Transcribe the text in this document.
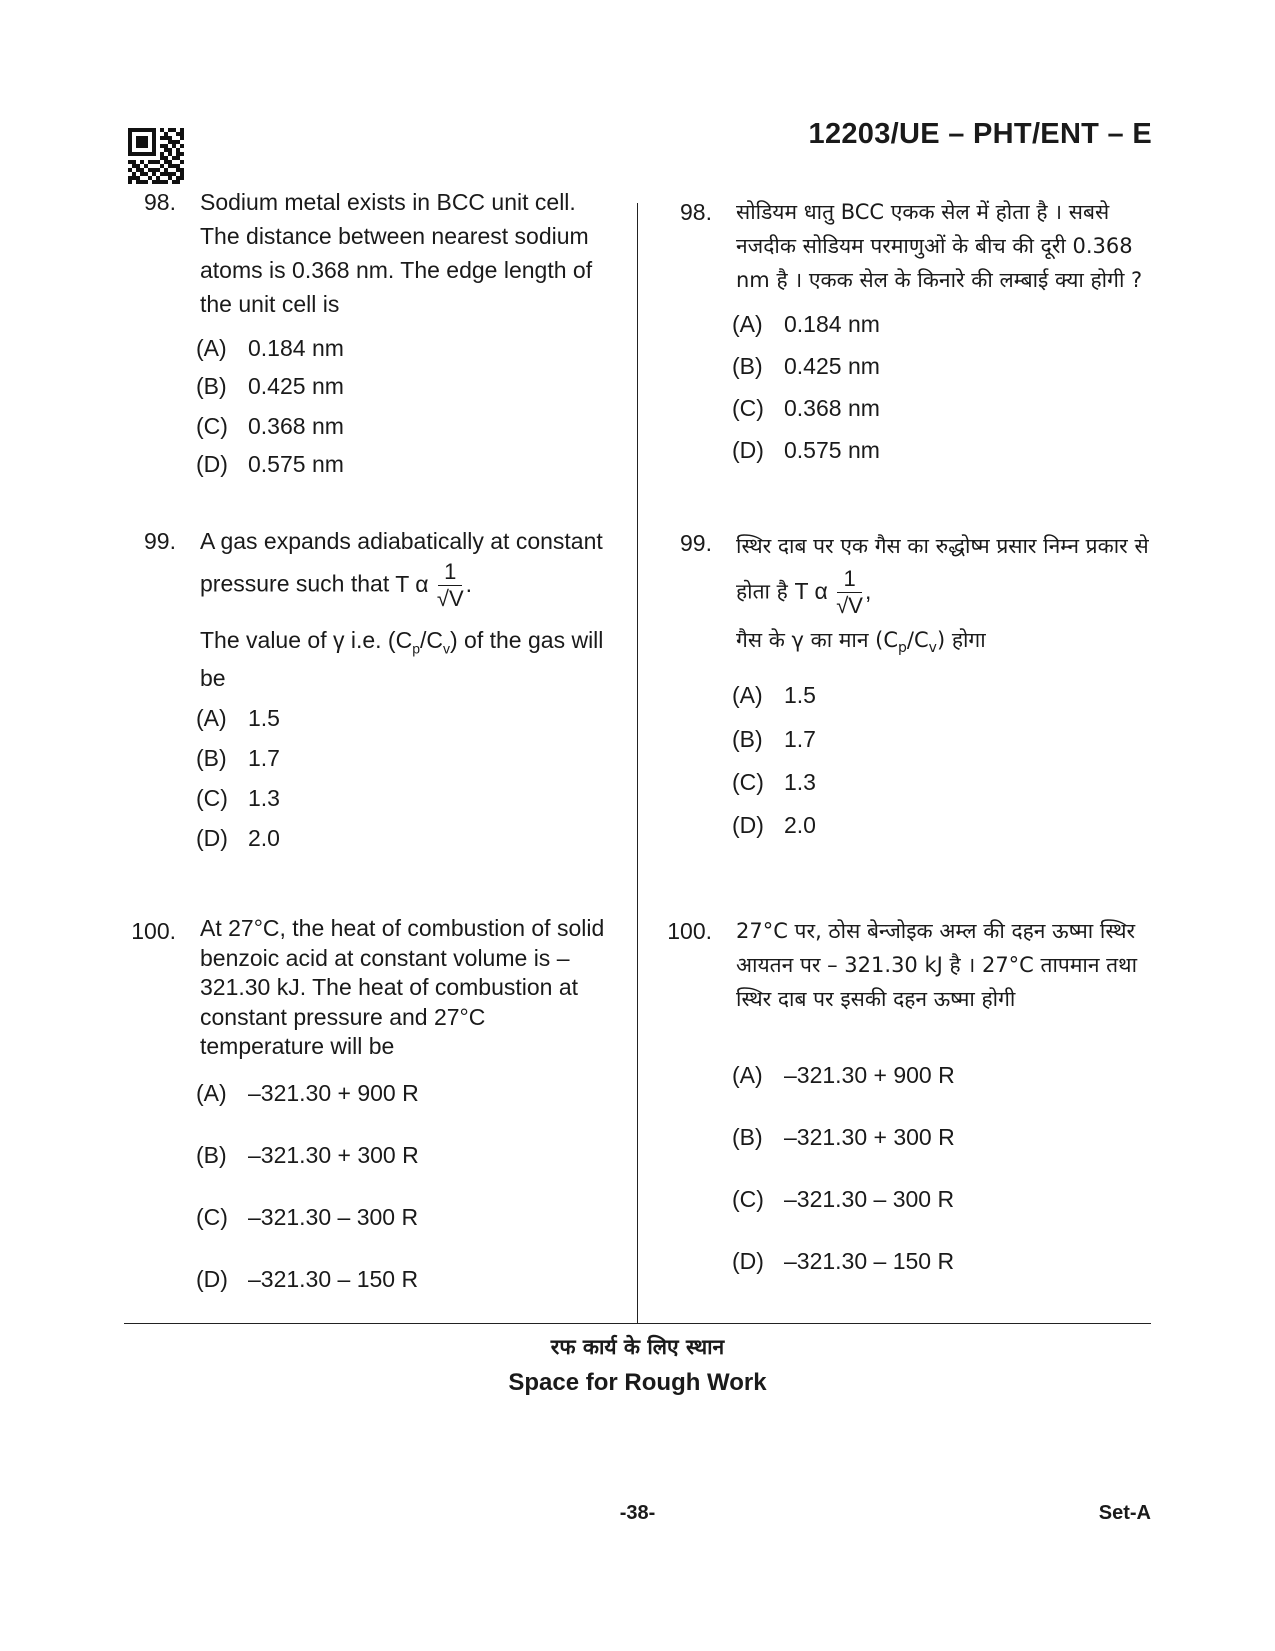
12203/UE – PHT/ENT – E
98. Sodium metal exists in BCC unit cell. The distance between nearest sodium atoms is 0.368 nm. The edge length of the unit cell is
(A) 0.184 nm
(B) 0.425 nm
(C) 0.368 nm
(D) 0.575 nm
99. A gas expands adiabatically at constant pressure such that T α $\frac{1}{√V}$ .
The value of γ i.e. $(C_p/C_v)$ of the gas will be
(A) 1.5
(B) 1.7
(C) 1.3
(D) 2.0
100. At 27°C, the heat of combustion of solid benzoic acid at constant volume is – 321.30 kJ. The heat of combustion at constant pressure and 27°C temperature will be
(A) –321.30 + 900 R
(B) –321.30 + 300 R
(C) –321.30 – 300 R
(D) –321.30 – 150 R
98. सोडियम धातु BCC एकक सेल में होता है । सबसे नजदीक सोडियम परमाणुओं के बीच की दूरी 0.368 nm है । एकक सेल के किनारे की लम्बाई क्या होगी ?
(A) 0.184 nm
(B) 0.425 nm
(C) 0.368 nm
(D) 0.575 nm
99. स्थिर दाब पर एक गैस का रुद्धोष्म प्रसार निम्न प्रकार से होता है T α $\frac{1}{√V}$ ,
गैस के γ का मान $(C_p/C_v)$ होगा
(A) 1.5
(B) 1.7
(C) 1.3
(D) 2.0
100. 27°C पर, ठोस बेन्जोइक अम्ल की दहन ऊष्मा स्थिर आयतन पर – 321.30 kJ है । 27°C तापमान तथा स्थिर दाब पर इसकी दहन ऊष्मा होगी
(A) –321.30 + 900 R
(B) –321.30 + 300 R
(C) –321.30 – 300 R
(D) –321.30 – 150 R
रफ कार्य के लिए स्थान
Space for Rough Work
-38-	Set-A
